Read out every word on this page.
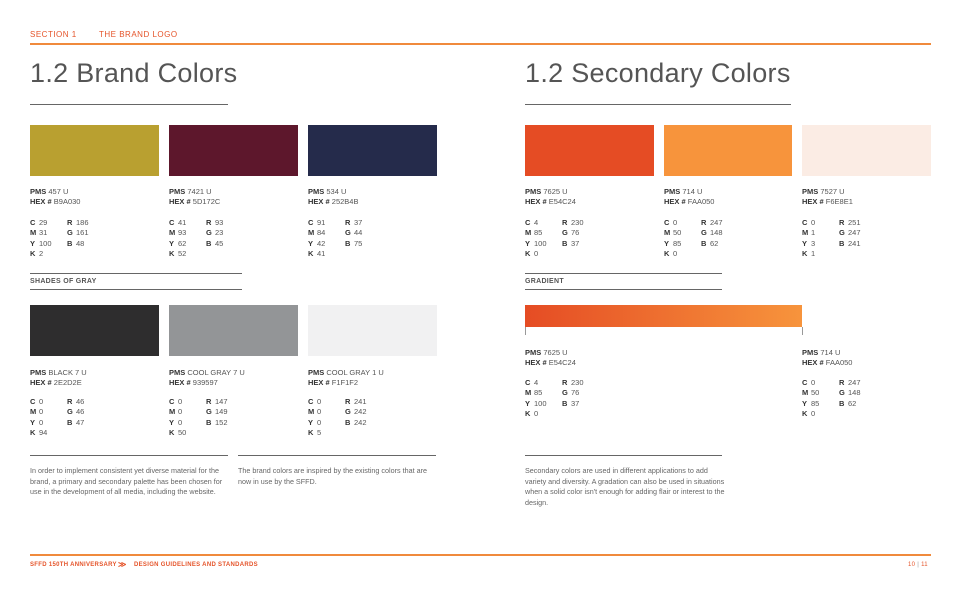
SECTION 1	THE BRAND LOGO
1.2 Brand Colors
PMS 457 U
HEX # B9A030
C 29	R 186
M 31	G 161
Y 100 B 48
K 2
PMS 7421 U
HEX # 5D172C
C 41	R 93
M 93	G 23
Y 62	B 45
K 52
PMS 534 U
HEX # 252B4B
C 91	R 37
M 84	G 44
Y 42	B 75
K 41
SHADES OF GRAY
PMS BLACK 7 U
HEX # 2E2D2E
C 0	R 46
M 0	G 46
Y 0	B 47
K 94
PMS COOL GRAY 7 U
HEX # 939597
C 0	R 147
M 0	G 149
Y 0	B 152
K 50
PMS COOL GRAY 1 U
HEX # F1F1F2
C 0	R 241
M 0	G 242
Y 0	B 242
K 5
In order to implement consistent yet diverse material for the brand, a primary and secondary palette has been chosen for use in the development of all media, including the website.
The brand colors are inspired by the existing colors that are now in use by the SFFD.
1.2 Secondary Colors
PMS 7625 U
HEX # E54C24
C 4	R 230
M 85	G 76
Y 100 B 37
K 0
PMS 714 U
HEX # FAA050
C 0	R 247
M 50	G 148
Y 85	B 62
K 0
PMS 7527 U
HEX # F6E8E1
C 0	R 251
M 1	G 247
Y 3	B 241
K 1
GRADIENT
PMS 7625 U
HEX # E54C24
C 4	R 230
M 85	G 76
Y 100 B 37
K 0
PMS 714 U
HEX # FAA050
C 0	R 247
M 50	G 148
Y 85	B 62
K 0
Secondary colors are used in different applications to add variety and diversity. A gradation can also be used in situations when a solid color isn't enough for adding flair or interest to the design.
SFFD 150TH ANNIVERSARY ≫ DESIGN GUIDELINES AND STANDARDS	10 | 11
